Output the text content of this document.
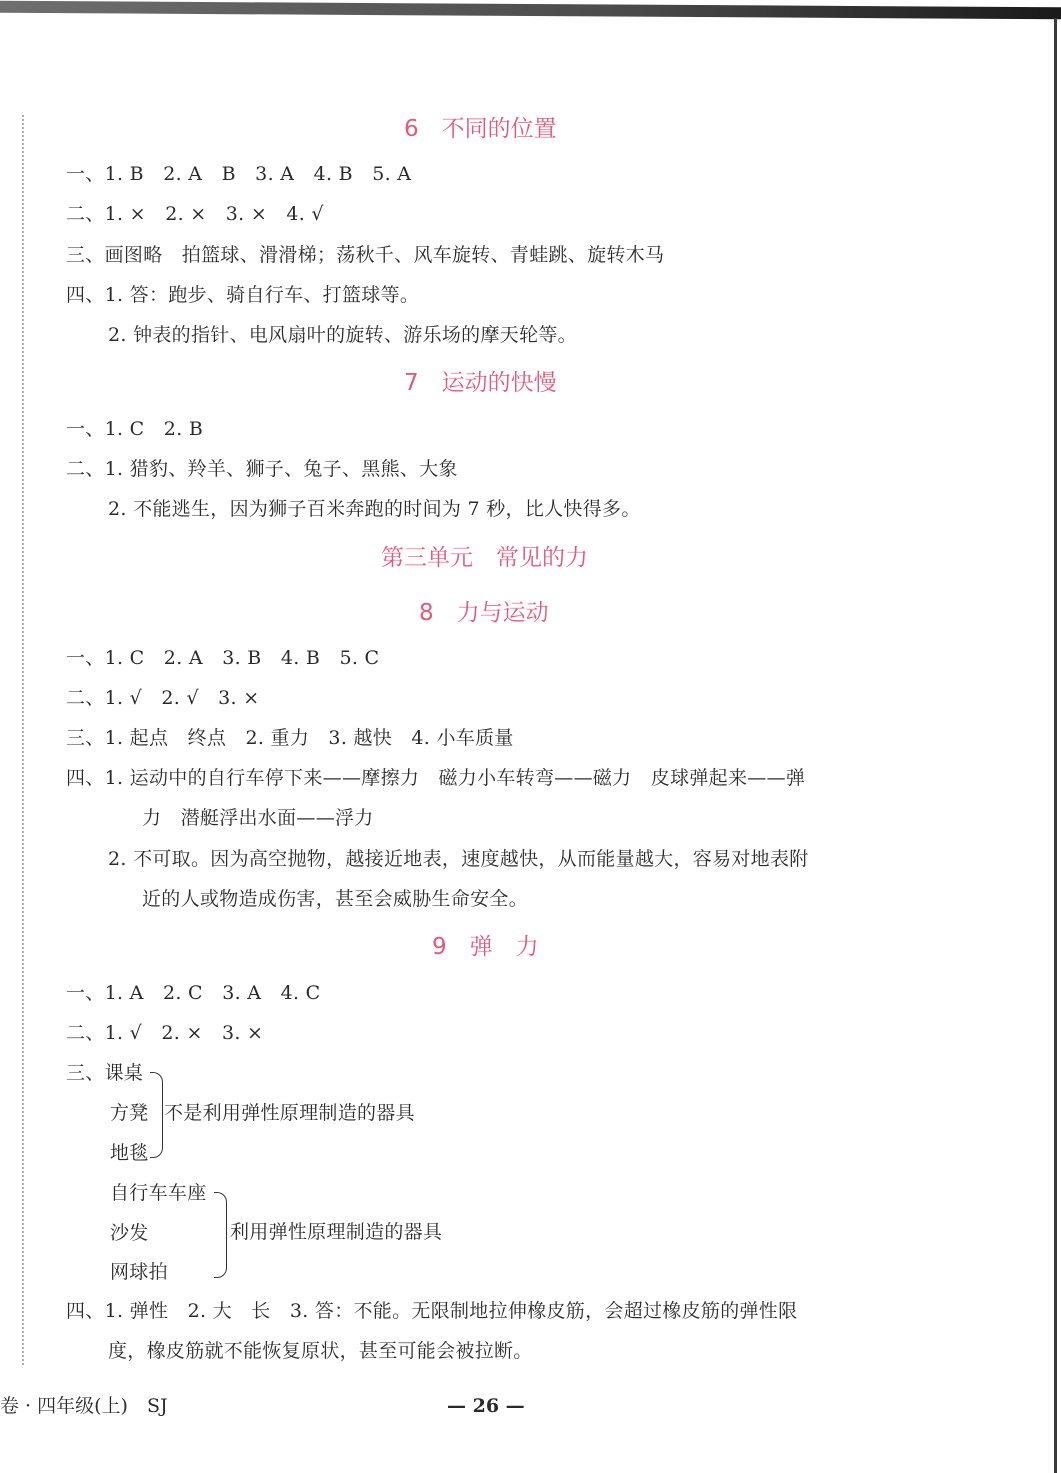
6　不同的位置
一、1. B　2. A　B　3. A　4. B　5. A
二、1. ×　2. ×　3. ×　4. √
三、画图略　拍篮球、滑滑梯；荡秋千、风车旋转、青蛙跳、旋转木马
四、1. 答：跑步、骑自行车、打篮球等。
2. 钟表的指针、电风扇叶的旋转、游乐场的摩天轮等。
7　运动的快慢
一、1. C　2. B
二、1. 猎豹、羚羊、狮子、兔子、黑熊、大象
2. 不能逃生，因为狮子百米奔跑的时间为 7 秒，比人快得多。
第三单元　常见的力
8　力与运动
一、1. C　2. A　3. B　4. B　5. C
二、1. √　2. √　3. ×
三、1. 起点　终点　2. 重力　3. 越快　4. 小车质量
四、1. 运动中的自行车停下来——摩擦力　磁力小车转弯——磁力　皮球弹起来——弹
力　潜艇浮出水面——浮力
2. 不可取。因为高空抛物，越接近地表，速度越快，从而能量越大，容易对地表附
近的人或物造成伤害，甚至会威胁生命安全。
9　弹　力
一、1. A　2. C　3. A　4. C
二、1. √　2. ×　3. ×
三、课桌
方凳
地毯
不是利用弹性原理制造的器具
自行车车座
沙发
网球拍
利用弹性原理制造的器具
四、1. 弹性　2. 大　长　3. 答：不能。无限制地拉伸橡皮筋，会超过橡皮筋的弹性限
度，橡皮筋就不能恢复原状，甚至可能会被拉断。
卷 · 四年级(上)　SJ	— 26 —
